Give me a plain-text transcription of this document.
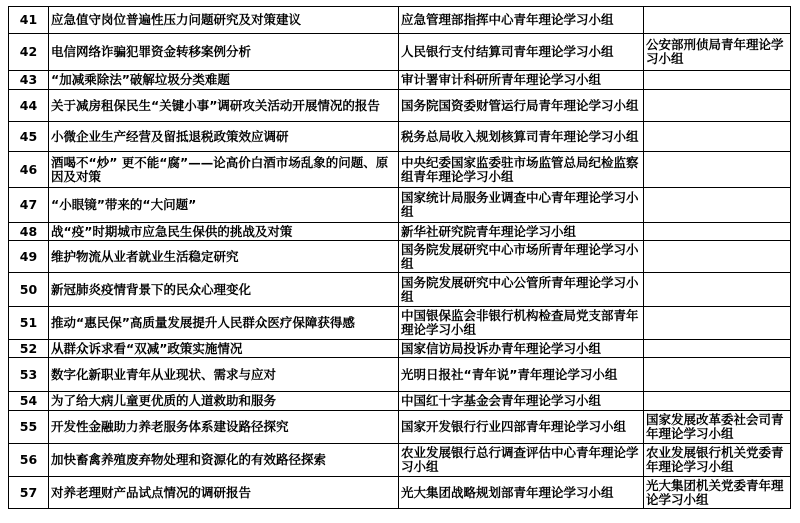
41	应急值守岗位普遍性压力问题研究及对策建议	应急管理部指挥中心青年理论学习小组	
42	电信网络诈骗犯罪资金转移案例分析	人民银行支付结算司青年理论学习小组	公安部刑侦局青年理论学习小组
43	“加减乘除法”破解垃圾分类难题	审计署审计科研所青年理论学习小组	
44	关于减房租保民生“关键小事”调研攻关活动开展情况的报告	国务院国资委财管运行局青年理论学习小组	
45	小微企业生产经营及留抵退税政策效应调研	税务总局收入规划核算司青年理论学习小组	
46	酒喝不“炒” 更不能“腐”——论高价白酒市场乱象的问题、原因及对策	中央纪委国家监委驻市场监管总局纪检监察组青年理论学习小组	
47	“小眼镜”带来的“大问题”	国家统计局服务业调查中心青年理论学习小组	
48	战“疫”时期城市应急民生保供的挑战及对策	新华社研究院青年理论学习小组	
49	维护物流从业者就业生活稳定研究	国务院发展研究中心市场所青年理论学习小组	
50	新冠肺炎疫情背景下的民众心理变化	国务院发展研究中心公管所青年理论学习小组	
51	推动“惠民保”高质量发展提升人民群众医疗保障获得感	中国银保监会非银行机构检查局党支部青年理论学习小组	
52	从群众诉求看“双减”政策实施情况	国家信访局投诉办青年理论学习小组	
53	数字化新职业青年从业现状、需求与应对	光明日报社“青年说”青年理论学习小组	
54	为了给大病儿童更优质的人道救助和服务	中国红十字基金会青年理论学习小组	
55	开发性金融助力养老服务体系建设路径探究	国家开发银行行业四部青年理论学习小组	国家发展改革委社会司青年理论学习小组
56	加快畜禽养殖废弃物处理和资源化的有效路径探索	农业发展银行总行调查评估中心青年理论学习小组	农业发展银行机关党委青年理论学习小组
57	对养老理财产品试点情况的调研报告	光大集团战略规划部青年理论学习小组	光大集团机关党委青年理论学习小组
